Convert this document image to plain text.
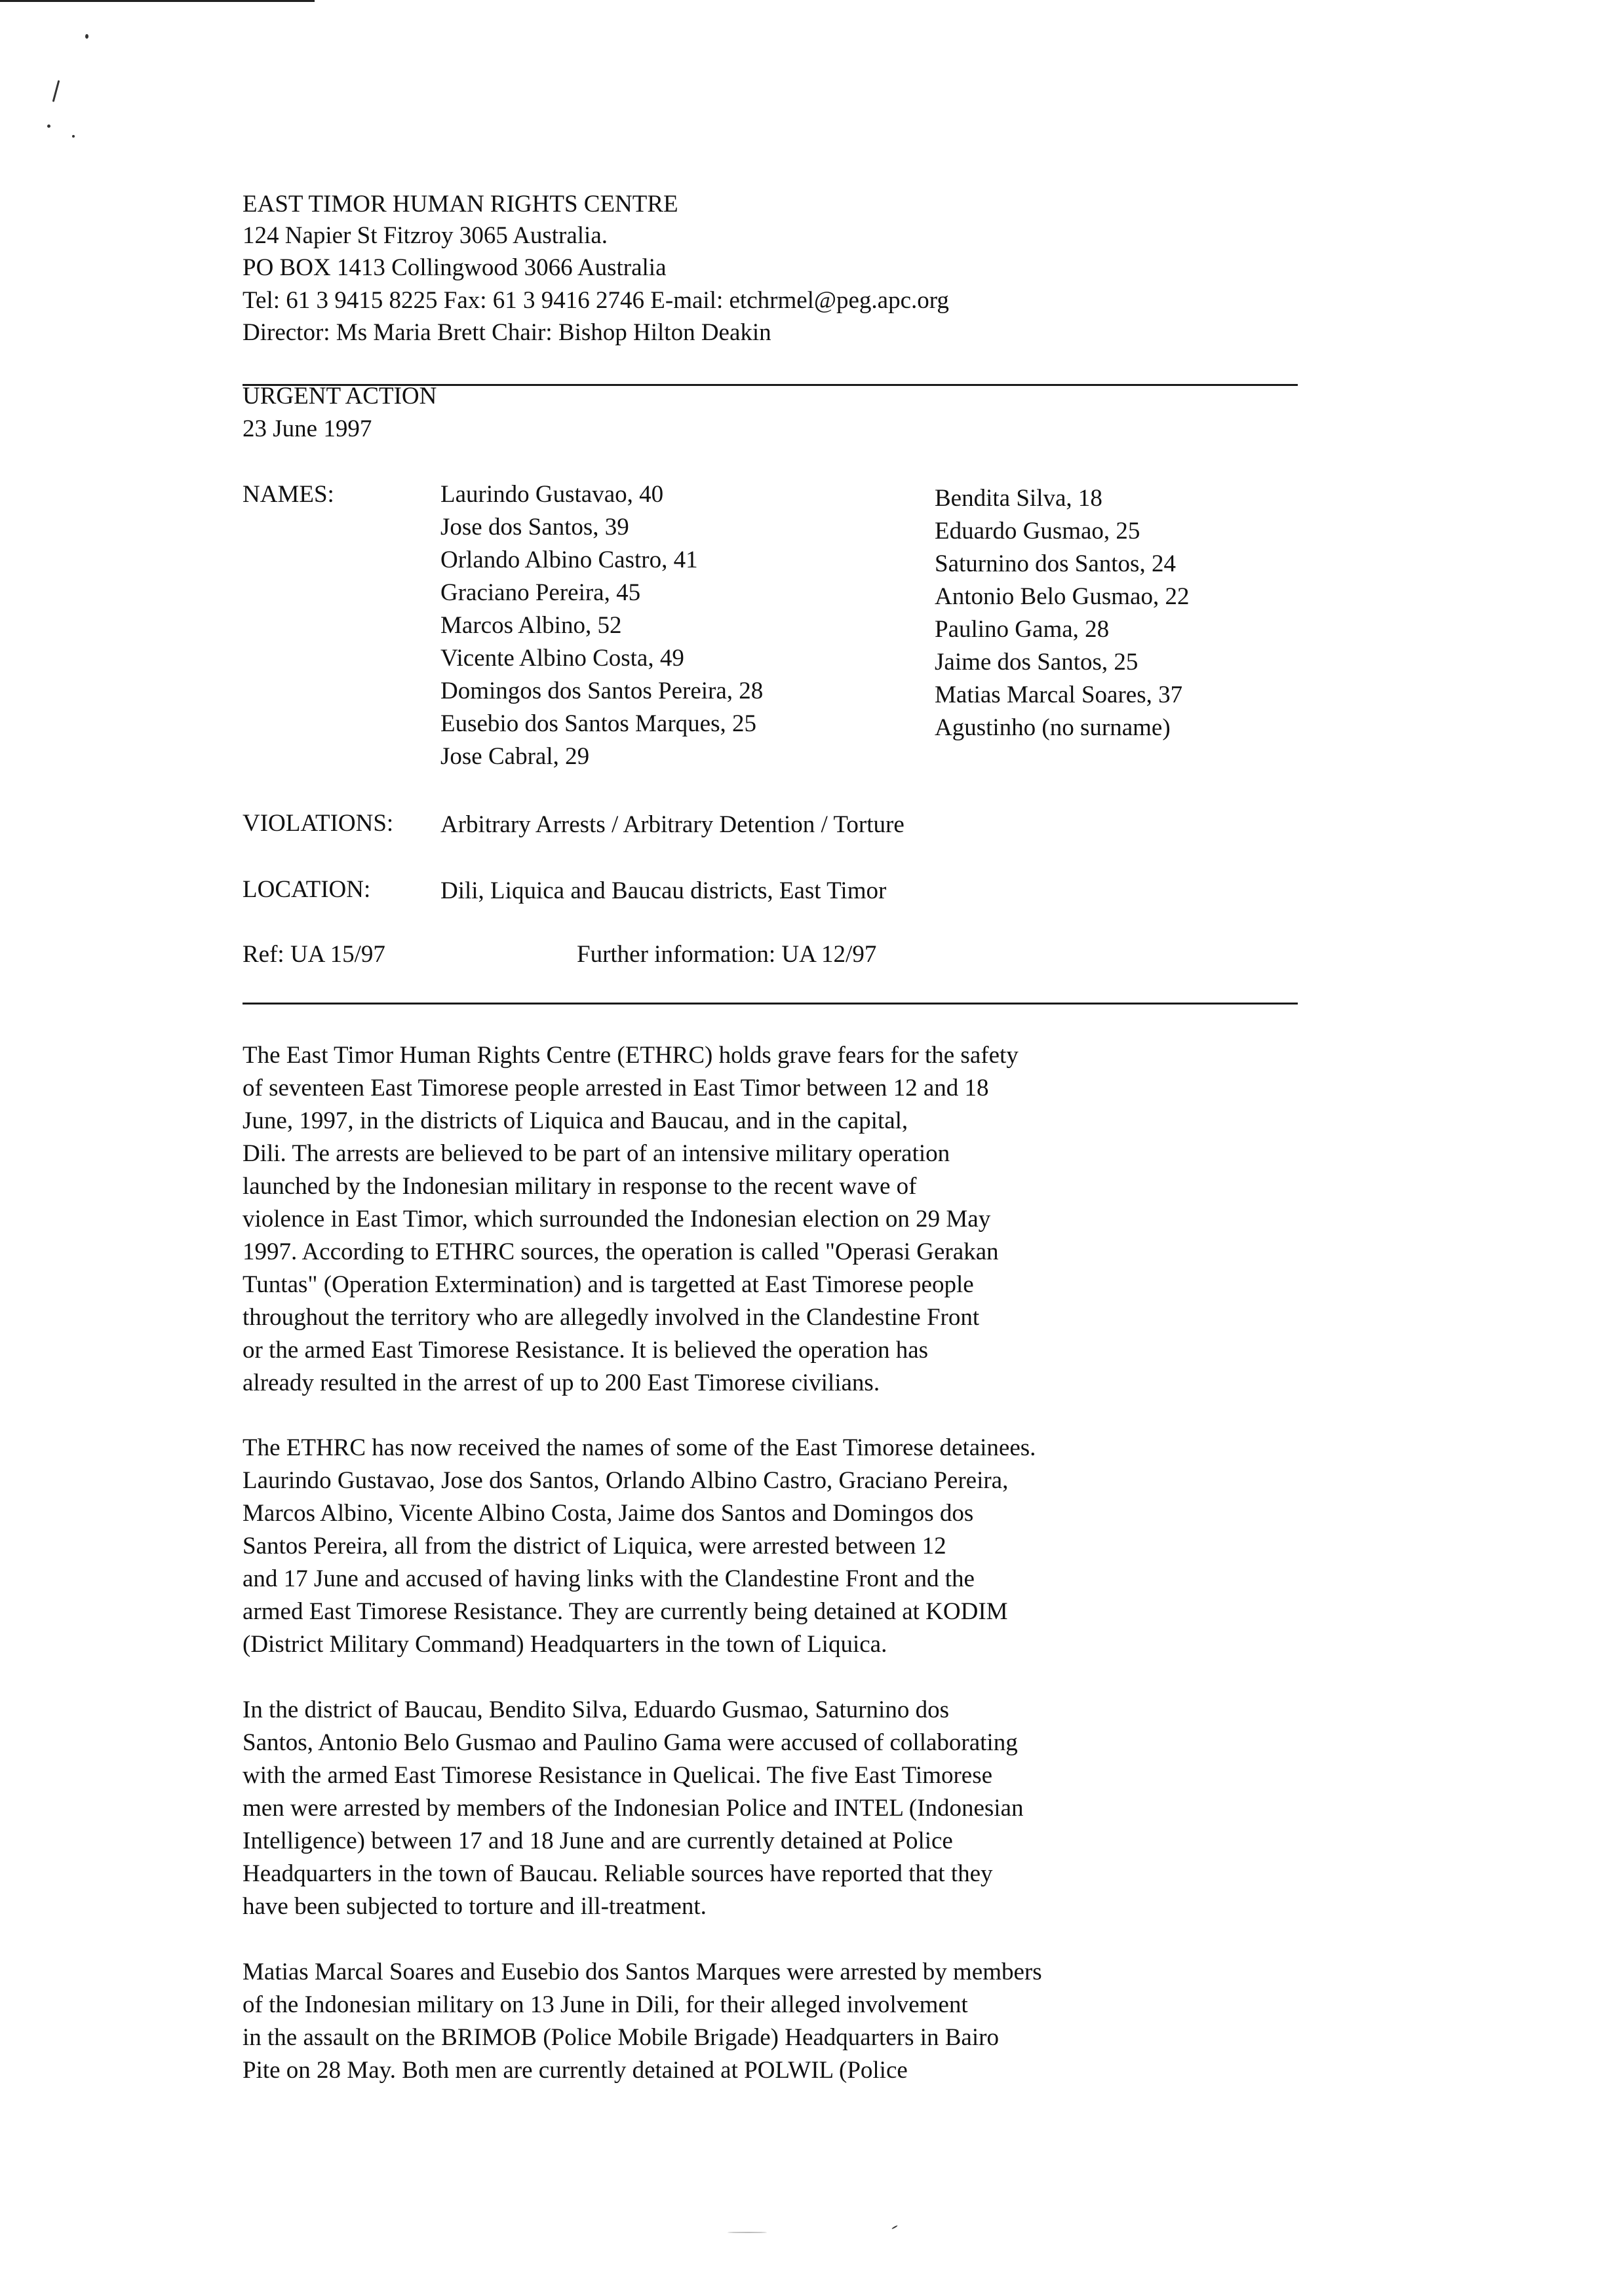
EAST TIMOR HUMAN RIGHTS CENTRE
124 Napier St Fitzroy 3065 Australia.
PO BOX 1413 Collingwood 3066 Australia
Tel: 61 3 9415 8225 Fax: 61 3 9416 2746 E-mail: etchrmel@peg.apc.org
Director: Ms Maria Brett Chair: Bishop Hilton Deakin
URGENT ACTION
23 June 1997
NAMES:	Laurindo Gustavao, 40
Jose dos Santos, 39
Orlando Albino Castro, 41
Graciano Pereira, 45
Marcos Albino, 52
Vicente Albino Costa, 49
Domingos dos Santos Pereira, 28
Eusebio dos Santos Marques, 25
Jose Cabral, 29
Bendita Silva, 18
Eduardo Gusmao, 25
Saturnino dos Santos, 24
Antonio Belo Gusmao, 22
Paulino Gama, 28
Jaime dos Santos, 25
Matias Marcal Soares, 37
Agustinho (no surname)
VIOLATIONS: Arbitrary Arrests / Arbitrary Detention / Torture
LOCATION:	Dili, Liquica and Baucau districts, East Timor
Ref: UA 15/97	Further information: UA 12/97
The East Timor Human Rights Centre (ETHRC) holds grave fears for the safety
of seventeen East Timorese people arrested in East Timor between 12 and 18
June, 1997, in the districts of Liquica and Baucau, and in the capital,
Dili. The arrests are believed to be part of an intensive military operation
launched by the Indonesian military in response to the recent wave of
violence in East Timor, which surrounded the Indonesian election on 29 May
1997. According to ETHRC sources, the operation is called "Operasi Gerakan
Tuntas" (Operation Extermination) and is targetted at East Timorese people
throughout the territory who are allegedly involved in the Clandestine Front
or the armed East Timorese Resistance. It is believed the operation has
already resulted in the arrest of up to 200 East Timorese civilians.
The ETHRC has now received the names of some of the East Timorese detainees.
Laurindo Gustavao, Jose dos Santos, Orlando Albino Castro, Graciano Pereira,
Marcos Albino, Vicente Albino Costa, Jaime dos Santos and Domingos dos
Santos Pereira, all from the district of Liquica, were arrested between 12
and 17 June and accused of having links with the Clandestine Front and the
armed East Timorese Resistance. They are currently being detained at KODIM
(District Military Command) Headquarters in the town of Liquica.
In the district of Baucau, Bendito Silva, Eduardo Gusmao, Saturnino dos
Santos, Antonio Belo Gusmao and Paulino Gama were accused of collaborating
with the armed East Timorese Resistance in Quelicai. The five East Timorese
men were arrested by members of the Indonesian Police and INTEL (Indonesian
Intelligence) between 17 and 18 June and are currently detained at Police
Headquarters in the town of Baucau. Reliable sources have reported that they
have been subjected to torture and ill-treatment.
Matias Marcal Soares and Eusebio dos Santos Marques were arrested by members
of the Indonesian military on 13 June in Dili, for their alleged involvement
in the assault on the BRIMOB (Police Mobile Brigade) Headquarters in Bairo
Pite on 28 May. Both men are currently detained at POLWIL (Police
